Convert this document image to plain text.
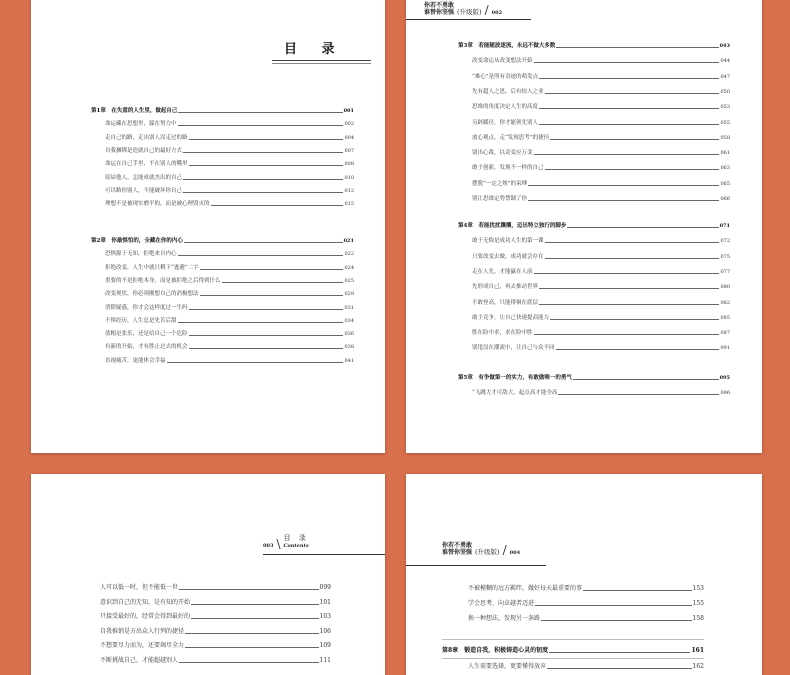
目 录
第1章　在失意的人生里，做起自己	001
命运藏在思想里，躲在努力中	002
走自己的路，走出别人没走过的路	004
自我捆绑是造就自己的最好方式	007
命运在自己手里，不在别人的嘴里	008
原谅他人，怎能成就杰出的自己	010
可以略你别人，不能破坏你自己	012
理想不是被现实磨平的，而是被心理毁灭的	015
第2章　你最惧怕的，全藏在你的内心	021
恐惧源于无知，拒绝来自内心	022
拒绝改变，人生中就只剩下“逃避”二字	024
重要的不是拒绝本身，而是被拒绝之后得到什么	025
改变现状，你必须刚想自己的消极想法	029
消除疑惑，你才会这样度过一生吗	031
不惧经历，人生总是先苦后甜	034
蓝帽是张乐，还是给自己一个危险	036
有新的开始，才有胜止过去的机会	038
直视痛苦，更能体会幸福	041
你若不勇敢
谁替你坚强 (升级版) / 002
第3章　若能随波逐流，永远不做大多数	043
改变命运从改变想法开始	044
“难心”是所有奇迹的萌发点	047
先有超人之思，后有惊人之业	050
思维的角度决定人生的高度	053
另辟蹊径，你才能领先别人	055
放心观点，走“发现思考”的捷径	058
别出心裁，以奇变应万变	061
敢于创新，发现不一样的自己	063
摆脱“一定之规”的束缚	065
别让思维定势禁锢了你	066
第4章　若能扰扰攘攘，迈出特立独行的脚步	071
敢于无悔是成功人生的第一课	072
只要改变去做，成功就会存在	075
走在人先，才能赢在人前	077
先形成自己，再去推动世界	080
不敢登高，只能徘徊在底层	082
敢于竞争，让自己快速提高能力	085
胜在险中求，求在险中胜	087
别甩没在潮流中，让自己与众不同	091
第5章　有争做第一的实力，有敢做唯一的勇气	095
“飞跳大才可敌大，起点高才能全高	096
003 \ 目 录
Contents
人可以低一时，但不能低一世	099
意识到自己的无知，是有知的开始	101
只接受最好的，经常会得到最好的	103
自我推销是方出众人行列的捷径	106
不想要尽力而为，还要竭尽全力	109
不断挑战自己，才能超越别人	111
你若不勇敢
谁替你坚强 (升级版) / 004
不被模糊的远方羁绊，做好每天最重要的事	153
学会思考，向卓越者迈进	155
换一种想法，发现另一条路	158
第8章　锻造自我，积极铸造心灵的韧度	161
人生需要选择，更要懂得放弃	162
